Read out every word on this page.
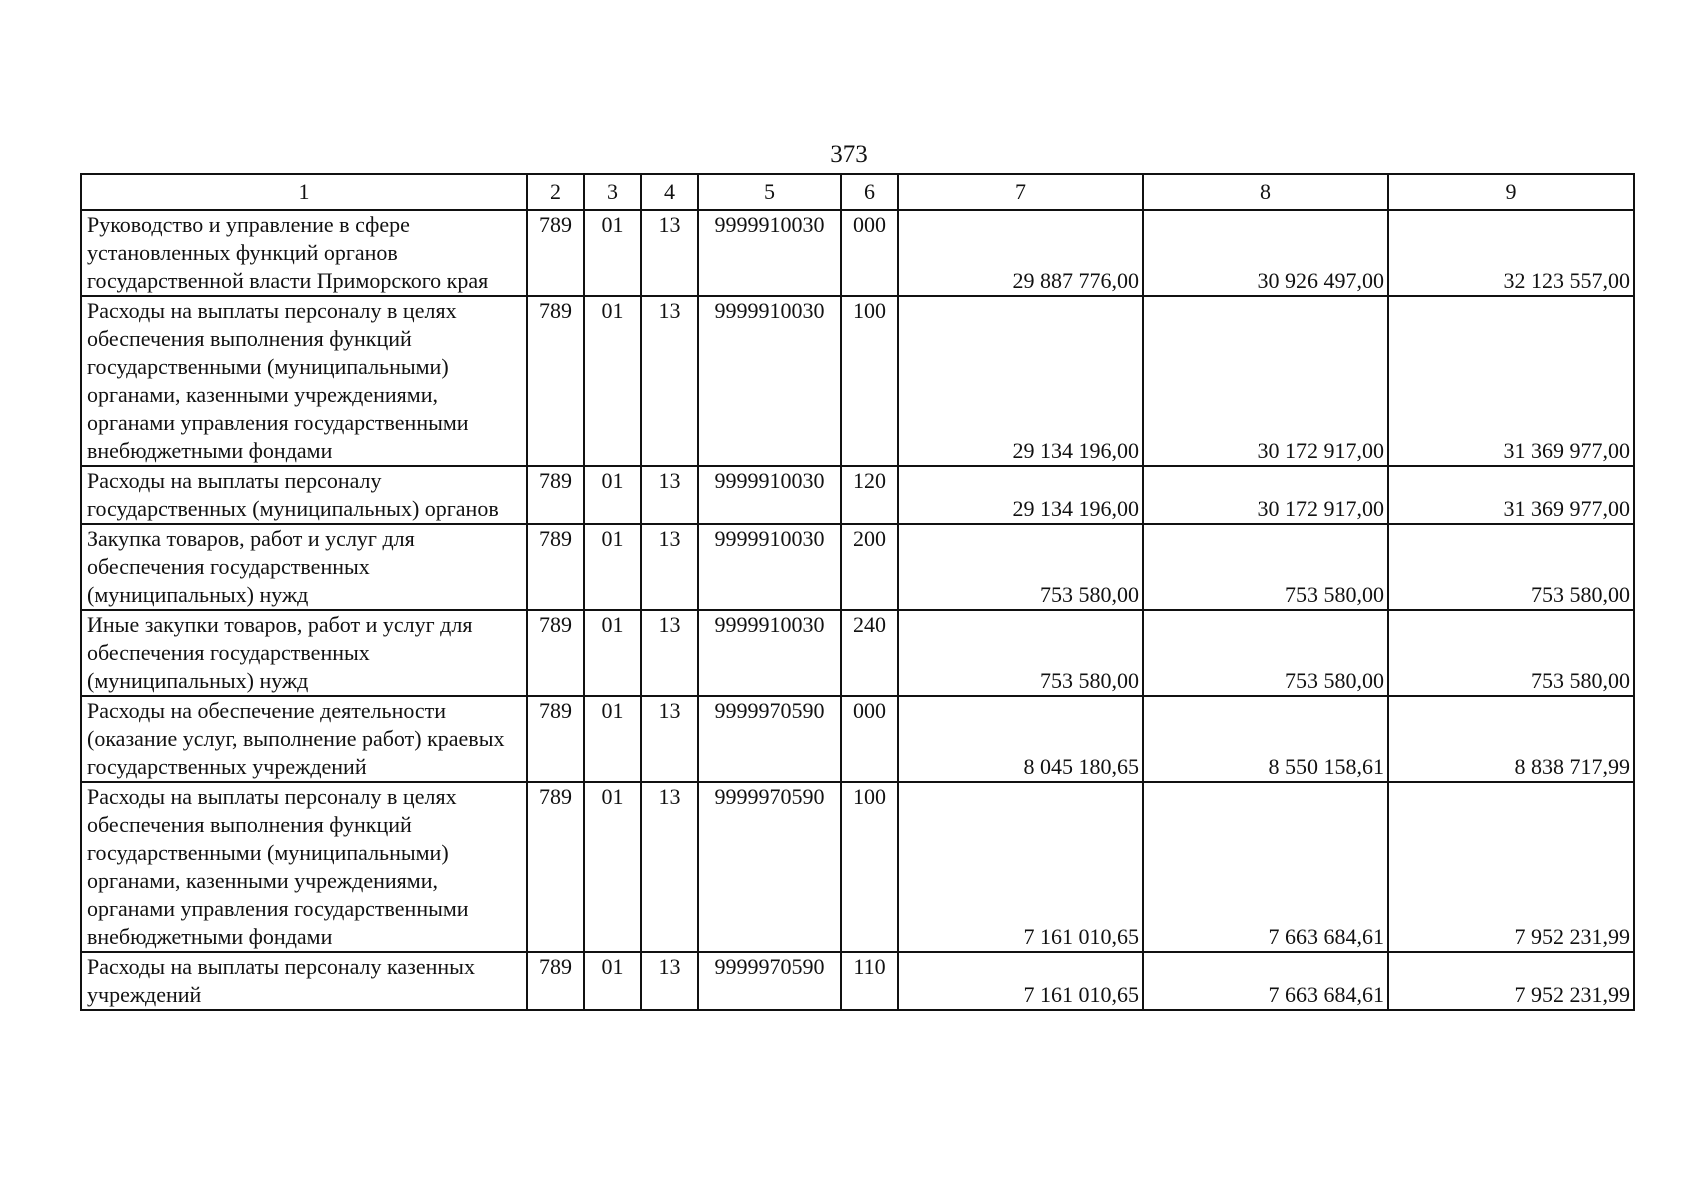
373
1	2	3	4	5	6	7	8	9
Руководство и управление в сфере установленных функций органов государственной власти Приморского края	789	01	13	9999910030	000	29 887 776,00	30 926 497,00	32 123 557,00
Расходы на выплаты персоналу в целях обеспечения выполнения функций государственными (муниципальными) органами, казенными учреждениями, органами управления государственными внебюджетными фондами	789	01	13	9999910030	100	29 134 196,00	30 172 917,00	31 369 977,00
Расходы на выплаты персоналу государственных (муниципальных) органов	789	01	13	9999910030	120	29 134 196,00	30 172 917,00	31 369 977,00
Закупка товаров, работ и услуг для обеспечения государственных (муниципальных) нужд	789	01	13	9999910030	200	753 580,00	753 580,00	753 580,00
Иные закупки товаров, работ и услуг для обеспечения государственных (муниципальных) нужд	789	01	13	9999910030	240	753 580,00	753 580,00	753 580,00
Расходы на обеспечение деятельности (оказание услуг, выполнение работ) краевых государственных учреждений	789	01	13	9999970590	000	8 045 180,65	8 550 158,61	8 838 717,99
Расходы на выплаты персоналу в целях обеспечения выполнения функций государственными (муниципальными) органами, казенными учреждениями, органами управления государственными внебюджетными фондами	789	01	13	9999970590	100	7 161 010,65	7 663 684,61	7 952 231,99
Расходы на выплаты персоналу казенных учреждений	789	01	13	9999970590	110	7 161 010,65	7 663 684,61	7 952 231,99
